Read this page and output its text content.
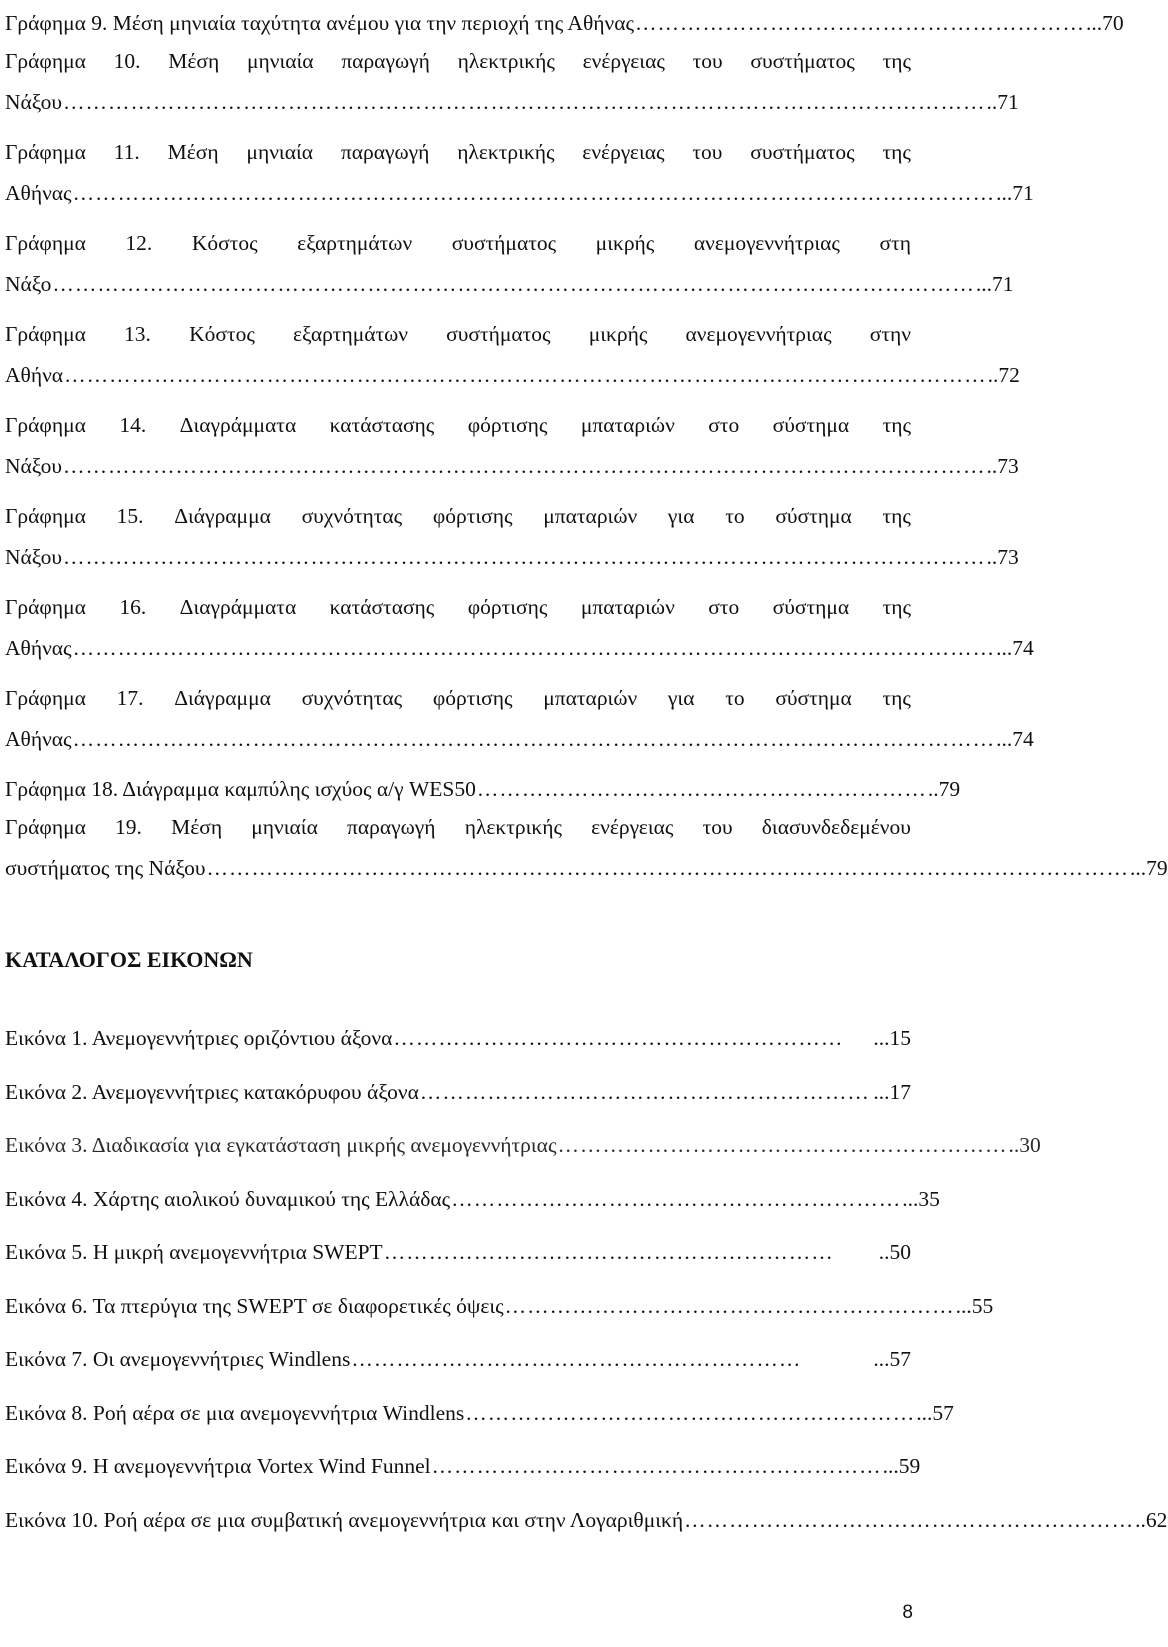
Γράφημα 9. Μέση μηνιαία ταχύτητα ανέμου για την περιοχή της Αθήνας …………………………………………………… ...70
Γράφημα 10. Μέση μηνιαία παραγωγή ηλεκτρικής ενέργειας του συστήματος της
Νάξου …………………………………………………………………………………………………………… ..71
Γράφημα 11. Μέση μηνιαία παραγωγή ηλεκτρικής ενέργειας του συστήματος της
Αθήνας …………………………………………………………………………………………………………… ...71
Γράφημα 12. Κόστος εξαρτημάτων συστήματος μικρής ανεμογεννήτριας στη
Νάξο …………………………………………………………………………………………………………… ...71
Γράφημα 13. Κόστος εξαρτημάτων συστήματος μικρής ανεμογεννήτριας στην
Αθήνα …………………………………………………………………………………………………………… ..72
Γράφημα 14. Διαγράμματα κατάστασης φόρτισης μπαταριών στο σύστημα της
Νάξου …………………………………………………………………………………………………………… ..73
Γράφημα 15. Διάγραμμα συχνότητας φόρτισης μπαταριών για το σύστημα της
Νάξου …………………………………………………………………………………………………………… ..73
Γράφημα 16. Διαγράμματα κατάστασης φόρτισης μπαταριών στο σύστημα της
Αθήνας …………………………………………………………………………………………………………… ...74
Γράφημα 17. Διάγραμμα συχνότητας φόρτισης μπαταριών για το σύστημα της
Αθήνας …………………………………………………………………………………………………………… ...74
Γράφημα 18. Διάγραμμα καμπύλης ισχύος α/γ WES50 …………………………………………………… ..79
Γράφημα 19. Μέση μηνιαία παραγωγή ηλεκτρικής ενέργειας του διασυνδεδεμένου
συστήματος της Νάξου …………………………………………………………………………………………………………… ...79
ΚΑΤΑΛΟΓΟΣ ΕΙΚΟΝΩΝ
Εικόνα 1. Ανεμογεννήτριες οριζόντιου άξονα ……………………………………………………	...15
Εικόνα 2. Ανεμογεννήτριες κατακόρυφου άξονα …………………………………………………… ...17
Εικόνα 3. Διαδικασία για εγκατάσταση μικρής ανεμογεννήτριας …………………………………………………… ..30
Εικόνα 4. Χάρτης αιολικού δυναμικού της Ελλάδας …………………………………………………… ...35
Εικόνα 5. Η μικρή ανεμογεννήτρια SWEPT ……………………………………………………	..50
Εικόνα 6. Τα πτερύγια της SWEPT σε διαφορετικές όψεις …………………………………………………… ...55
Εικόνα 7. Οι ανεμογεννήτριες Windlens ……………………………………………………	...57
Εικόνα 8. Ροή αέρα σε μια ανεμογεννήτρια Windlens …………………………………………………… ...57
Εικόνα 9. Η ανεμογεννήτρια Vortex Wind Funnel …………………………………………………… ...59
Εικόνα 10. Ροή αέρα σε μια συμβατική ανεμογεννήτρια και στην Λογαριθμική …………………………………………………… ..62
8
